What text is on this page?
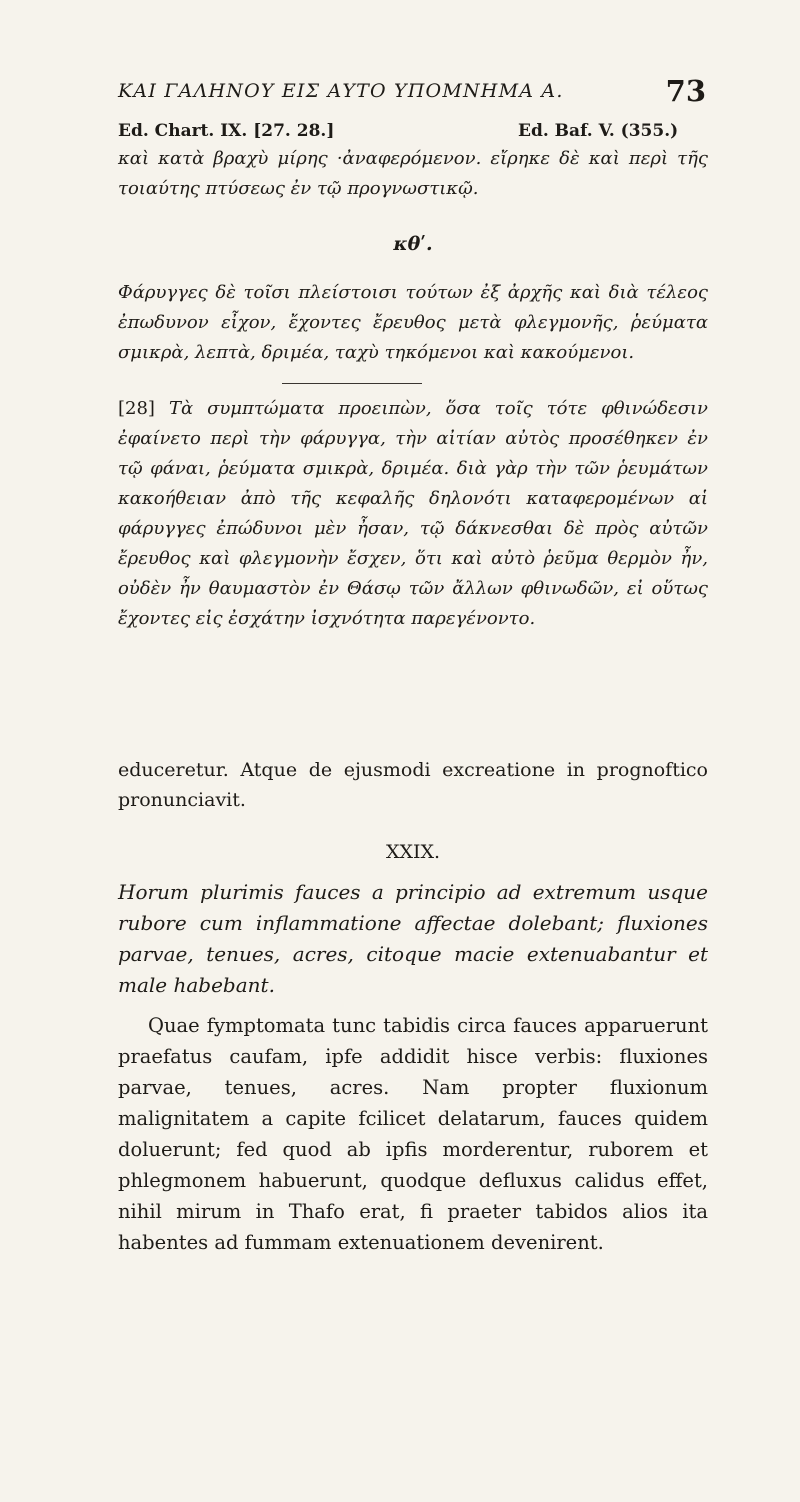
ΚΑΙ ΓΑΛΗΝΟΥ ΕΙΣ ΑΥΤΟ ΥΠΟΜΝΗΜΑ Α.	73
Ed. Chart. IX. [27. 28.]	Ed. Baf. V. (355.)

καὶ κατὰ βραχὺ μίρης ·ἀναφερόμενον. εἴρηκε δὲ καὶ περὶ τῆς τοιαύτης πτύσεως ἐν τῷ προγνωστικῷ.

κθʹ.

Φάρυγγες δὲ τοῖσι πλείστοισι τούτων ἐξ ἀρχῆς καὶ διὰ τέλεος ἐπωδυνον εἶχον, ἔχοντες ἔρευθος μετὰ φλεγμονῆς, ῥεύματα σμικρὰ, λεπτὰ, δριμέα, ταχὺ τηκόμενοι καὶ κακούμενοι.

[28] Τὰ συμπτώματα προειπὼν, ὅσα τοῖς τότε φθινώδεσιν ἐφαίνετο περὶ τὴν φάρυγγα, τὴν αἰτίαν αὐτὸς προσέθηκεν ἐν τῷ φάναι, ῥεύματα σμικρὰ, δριμέα. διὰ γὰρ τὴν τῶν ῥευμάτων κακοήθειαν ἀπὸ τῆς κεφαλῆς δηλονότι καταφερομένων αἱ φάρυγγες ἐπώδυνοι μὲν ἦσαν, τῷ δάκνεσθαι δὲ πρὸς αὐτῶν ἔρευθος καὶ φλεγμονὴν ἔσχεν, ὅτι καὶ αὐτὸ ῥεῦμα θερμὸν ἦν, οὐδὲν ἦν θαυμαστὸν ἐν Θάσῳ τῶν ἄλλων φθινωδῶν, εἰ οὕτως ἔχοντες εἰς ἐσχάτην ἰσχνότητα παρεγένοντο.

educeretur. Atque de ejusmodi excreatione in prognoftico pronunciavit.

XXIX.

Horum plurimis fauces a principio ad extremum usque rubore cum inflammatione affectae dolebant; fluxiones parvae, tenues, acres, citoque macie extenuabantur et male habebant.

Quae fymptomata tunc tabidis circa fauces apparuerunt praefatus caufam, ipfe addidit hisce verbis: fluxiones parvae, tenues, acres. Nam propter fluxionum malignitatem a capite fcilicet delatarum, fauces quidem doluerunt; fed quod ab ipfis morderentur, ruborem et phlegmonem habuerunt, quodque defluxus calidus effet, nihil mirum in Thafo erat, fi praeter tabidos alios ita habentes ad fummam extenuationem devenirent.
